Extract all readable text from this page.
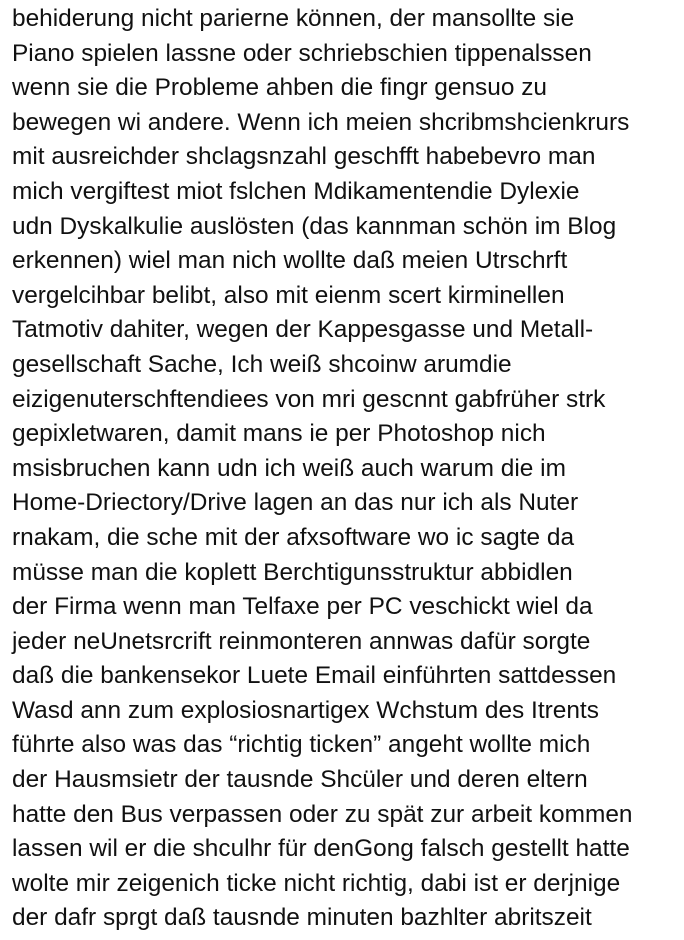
behiderung nicht parierne können, der mansollte sie
Piano spielen lassne oder schriebschien tippenalssen
wenn sie die Probleme ahben die fingr gensuo zu
bewegen wi andere. Wenn ich meien shcribmshcienkrurs
mit ausreichder shclagsnzahl geschfft habebevro man
mich vergiftest miot fslchen Mdikamentendie Dylexie
udn Dyskalkulie auslösten (das kannman schön im Blog
erkennen) wiel man nich wollte daß meien Utrschrft
vergelcihbar belibt, also mit eienm scert kirminellen
Tatmotiv dahiter, wegen der Kappesgasse und Metall-
gesellschaft Sache, Ich weiß shcoinw arumdie
eizigenuterschftendiees von mri gescnnt gabfrüher strk
gepixletwaren, damit mans ie per Photoshop nich
msisbruchen kann udn ich weiß auch warum die im
Home-Driectory/Drive lagen an das nur ich als Nuter
rnakam, die sche mit der afxsoftware wo ic sagte da
müsse man die koplett Berchtigunsstruktur abbidlen
der Firma wenn man Telfaxe per PC veschickt wiel da
jeder neUnetsrcrift reinmonteren annwas dafür sorgte
daß die bankensekor Luete Email einführten sattdessen
Wasd ann zum explosiosnartigex Wchstum des Itrents
führte also was das “richtig ticken” angeht wollte mich
der Hausmsietr der tausnde Shcüler und deren eltern
hatte den Bus verpassen oder zu spät zur arbeit kommen
lassen wil er die shculhr für denGong falsch gestellt hatte
wolte mir zeigenich ticke nicht richtig, dabi ist er derjnige
der dafr sprgt daß tausnde minuten bazhlter abritszeit
